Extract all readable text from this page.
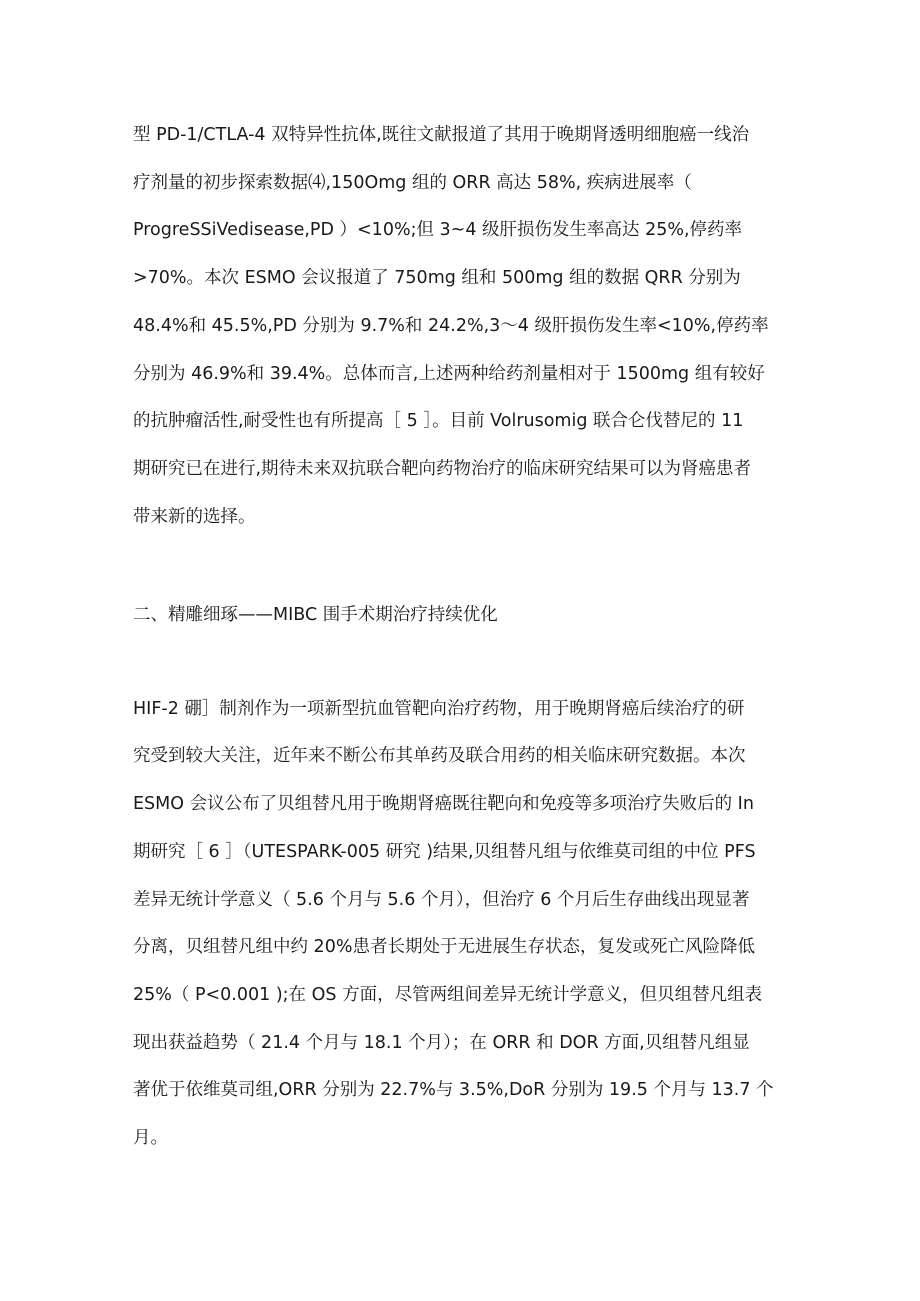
型 PD-1/CTLA-4 双特异性抗体,既往文献报道了其用于晚期肾透明细胞癌一线治
疗剂量的初步探索数据⑷,150Omg 组的 ORR 高达 58%, 疾病进展率（
ProgreSSiVedisease,PD ）<10%;但 3~4 级肝损伤发生率高达 25%,停药率
>70%。本次 ESMO 会议报道了 750mg 组和 500mg 组的数据 QRR 分别为
48.4%和 45.5%,PD 分别为 9.7%和 24.2%,3〜4 级肝损伤发生率<10%,停药率
分别为 46.9%和 39.4%。总体而言,上述两种给药剂量相对于 1500mg 组有较好
的抗肿瘤活性,耐受性也有所提高［ 5 ］。目前 Volrusomig 联合仑伐替尼的 11
期研究已在进行,期待未来双抗联合靶向药物治疗的临床研究结果可以为肾癌患者
带来新的选择。
二、精雕细琢——MIBC 围手术期治疗持续优化
HIF-2 硼］制剂作为一项新型抗血管靶向治疗药物，用于晚期肾癌后续治疗的研
究受到较大关注，近年来不断公布其单药及联合用药的相关临床研究数据。本次
ESMO 会议公布了贝组替凡用于晚期肾癌既往靶向和免疫等多项治疗失败后的 In
期研究［ 6 ］（UTESPARK-005 研究 )结果,贝组替凡组与依维莫司组的中位 PFS
差异无统计学意义（ 5.6 个月与 5.6 个月），但治疗 6 个月后生存曲线出现显著
分离，贝组替凡组中约 20%患者长期处于无进展生存状态，复发或死亡风险降低
25%（ P<0.001 );在 OS 方面，尽管两组间差异无统计学意义，但贝组替凡组表
现出获益趋势（ 21.4 个月与 18.1 个月）；在 ORR 和 DOR 方面,贝组替凡组显
著优于依维莫司组,ORR 分别为 22.7%与 3.5%,DoR 分别为 19.5 个月与 13.7 个
月。
